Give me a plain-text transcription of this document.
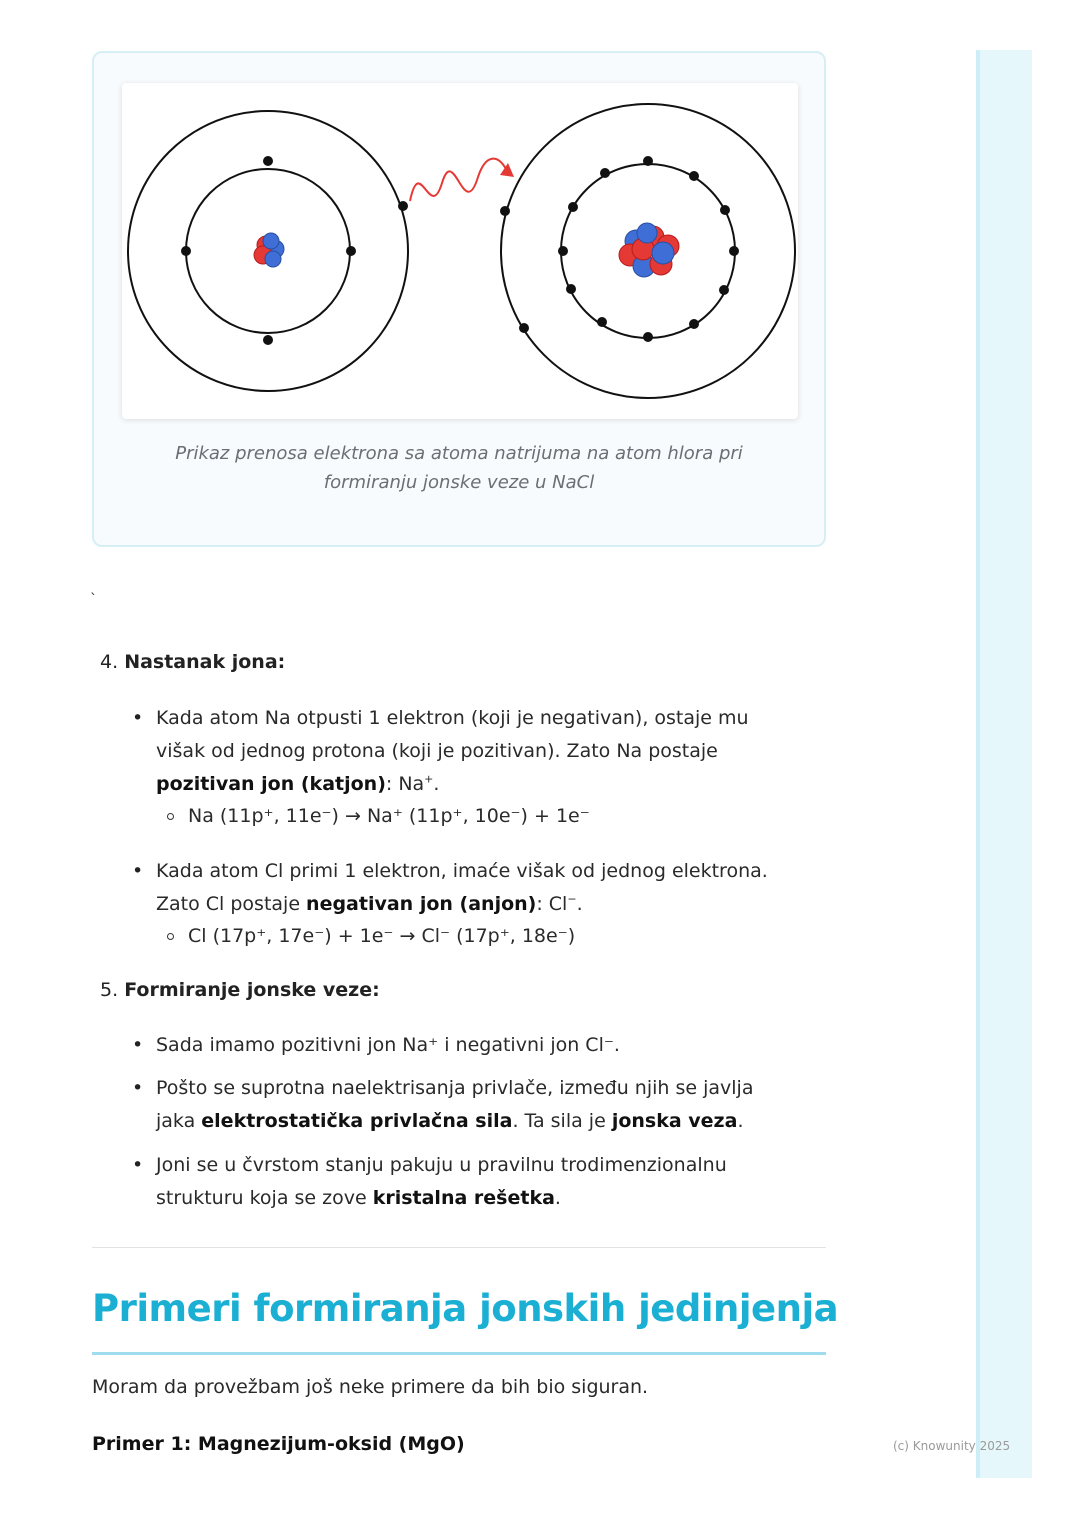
Prikaz prenosa elektrona sa atoma natrijuma na atom hlora pri
formiranju jonske veze u NaCl
`
4. Nastanak jona:
• Kada atom Na otpusti 1 elektron (koji je negativan), ostaje mu
višak od jednog protona (koji je pozitivan). Zato Na postaje
pozitivan jon (katjon): Na+.
Na (11p⁺, 11e⁻) → Na⁺ (11p⁺, 10e⁻) + 1e⁻
• Kada atom Cl primi 1 elektron, imaće višak od jednog elektrona.
Zato Cl postaje negativan jon (anjon): Cl−.
Cl (17p⁺, 17e⁻) + 1e⁻ → Cl⁻ (17p⁺, 18e⁻)
5. Formiranje jonske veze:
• Sada imamo pozitivni jon Na⁺ i negativni jon Cl⁻.
• Pošto se suprotna naelektrisanja privlače, između njih se javlja
jaka elektrostatička privlačna sila. Ta sila je jonska veza.
• Joni se u čvrstom stanju pakuju u pravilnu trodimenzionalnu
strukturu koja se zove kristalna rešetka.
Primeri formiranja jonskih jedinjenja
Moram da provežbam još neke primere da bih bio siguran.
Primer 1: Magnezijum-oksid (MgO)	(c) Knowunity 2025
